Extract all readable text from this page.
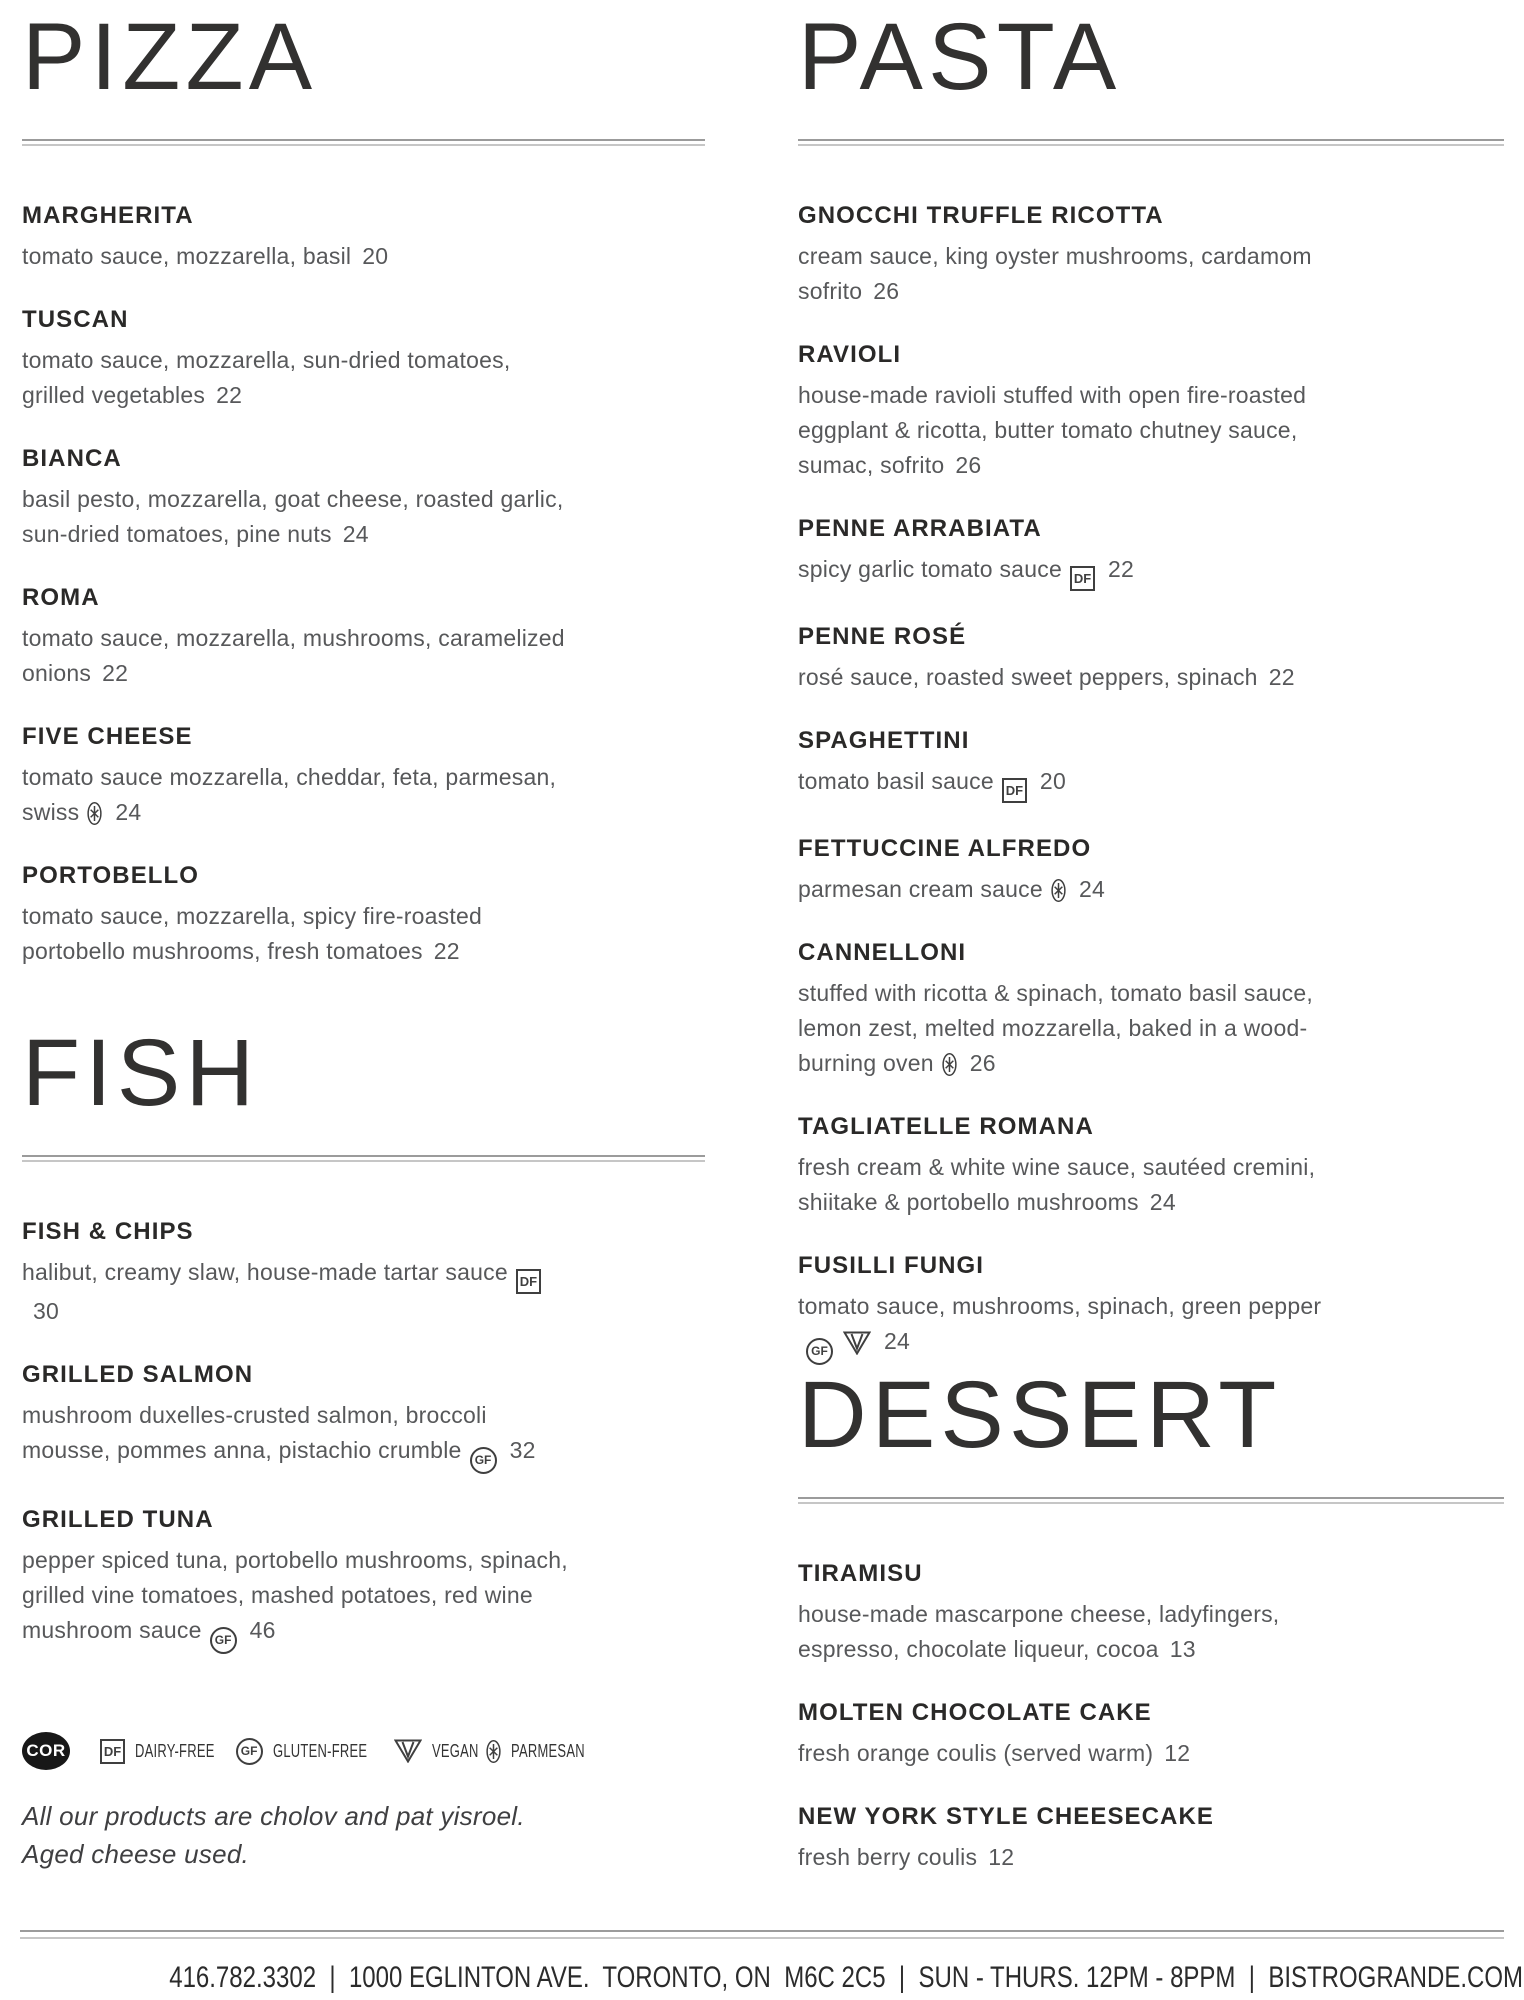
COR	DF DAIRY-FREE	GF GLUTEN-FREE	VEGAN PARMESAN
All our products are cholov and pat yisroel.
Aged cheese used.
416.782.3302  |  1000 EGLINTON AVE.  TORONTO, ON  M6C 2C5  |  SUN - THURS. 12PM - 8PPM  |  BISTROGRANDE.COM
PIZZA
MARGHERITA

tomato sauce, mozzarella, basil 20

TUSCAN

tomato sauce, mozzarella, sun-dried tomatoes, grilled vegetables 22

BIANCA

basil pesto, mozzarella, goat cheese, roasted garlic, sun-dried tomatoes, pine nuts 24

ROMA

tomato sauce, mozzarella, mushrooms, caramelized onions 22

FIVE CHEESE

tomato sauce mozzarella, cheddar, feta, parmesan, swiss 24

PORTOBELLO

tomato sauce, mozzarella, spicy fire-roasted portobello mushrooms, fresh tomatoes 22

PASTA
GNOCCHI TRUFFLE RICOTTA

cream sauce, king oyster mushrooms, cardamom sofrito 26

RAVIOLI

house-made ravioli stuffed with open fire-roasted eggplant & ricotta, butter tomato chutney sauce, sumac, sofrito 26

PENNE ARRABIATA

spicy garlic tomato sauce DF 22

PENNE ROSÉ

rosé sauce, roasted sweet peppers, spinach 22

SPAGHETTINI

tomato basil sauce DF 20

FETTUCCINE ALFREDO

parmesan cream sauce 24

CANNELLONI

stuffed with ricotta & spinach, tomato basil sauce, lemon zest, melted mozzarella, baked in a wood-burning oven 26

TAGLIATELLE ROMANA

fresh cream & white wine sauce, sautéed cremini, shiitake & portobello mushrooms 24

FUSILLI FUNGI

tomato sauce, mushrooms, spinach, green pepperGF 24

FISH
FISH & CHIPS

halibut, creamy slaw, house-made tartar sauce DF30

GRILLED SALMON

mushroom duxelles-crusted salmon, broccoli mousse, pommes anna, pistachio crumble GF 32

GRILLED TUNA

pepper spiced tuna, portobello mushrooms, spinach, grilled vine tomatoes, mashed potatoes, red wine mushroom sauce GF 46

DESSERT
TIRAMISU

house-made mascarpone cheese, ladyfingers, espresso, chocolate liqueur, cocoa 13

MOLTEN CHOCOLATE CAKE

fresh orange coulis (served warm) 12

NEW YORK STYLE CHEESECAKE

fresh berry coulis 12
